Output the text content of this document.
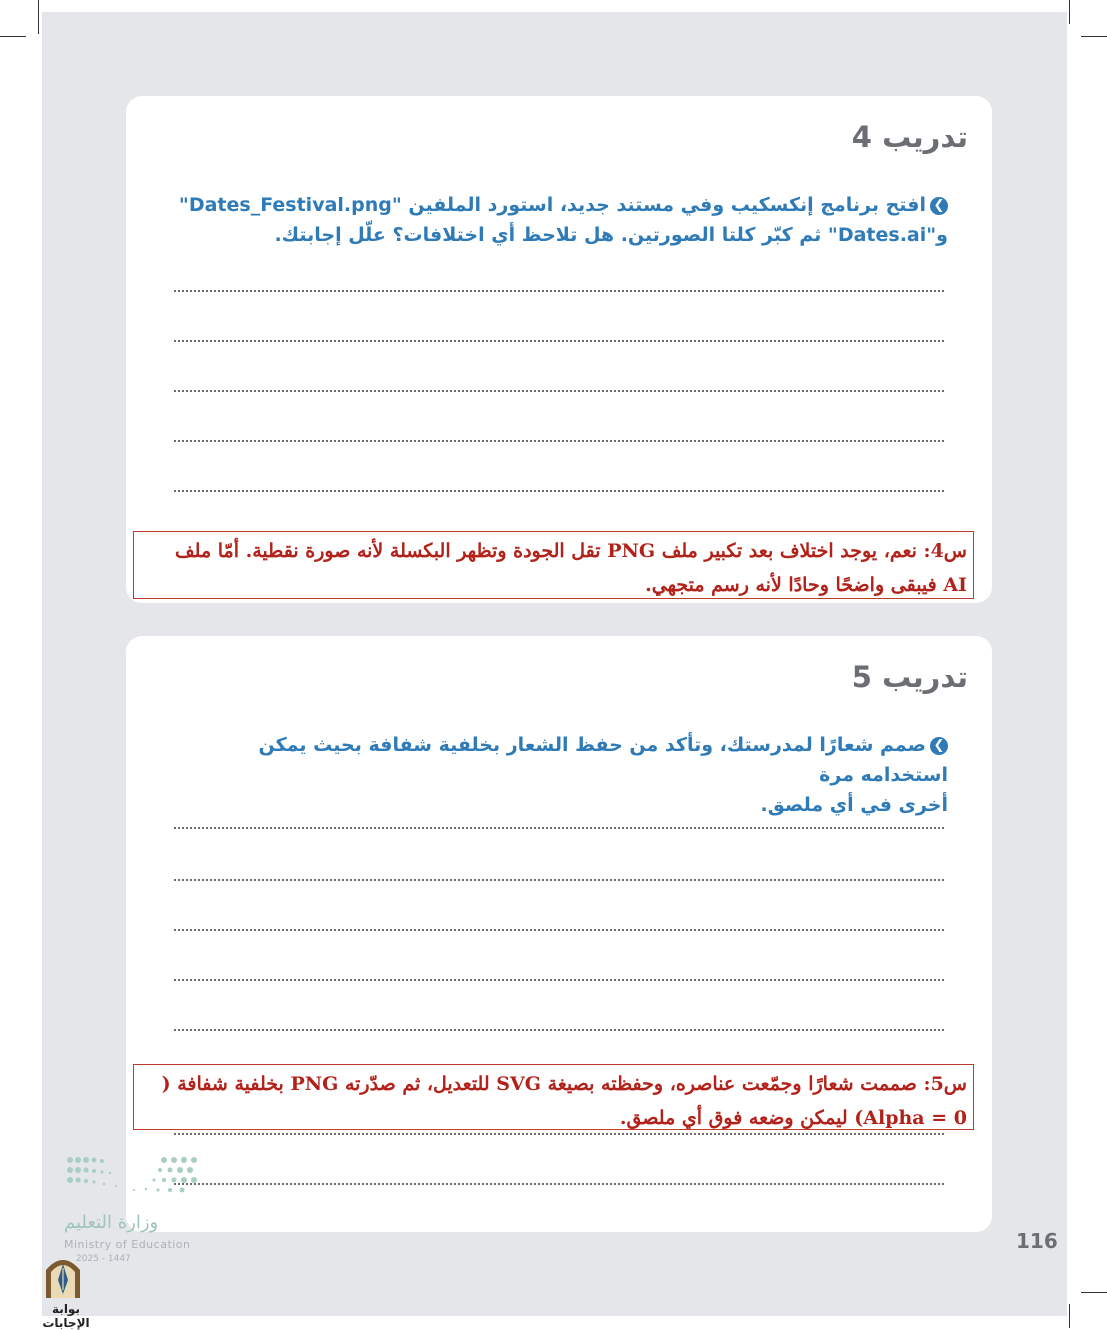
تدريب 4

❯افتح برنامج إنكسكيب وفي مستند جديد، استورد الملفين "Dates_Festival.png"
و"Dates.ai" ثم كبّر كلتا الصورتين. هل تلاحظ أي اختلافات؟ علّل إجابتك.

س4: نعم، يوجد اختلاف بعد تكبير ملف PNG تقل الجودة وتظهر البكسلة لأنه صورة نقطية. أمّا ملف
AI فيبقى واضحًا وحادًا لأنه رسم متجهي.

تدريب 5

❯صمم شعارًا لمدرستك، وتأكد من حفظ الشعار بخلفية شفافة بحيث يمكن استخدامه مرة
أخرى في أي ملصق.

س5: صممت شعارًا وجمّعت عناصره، وحفظته بصيغة SVG للتعديل، ثم صدّرته PNG بخلفية شفافة (
Alpha = 0) ليمكن وضعه فوق أي ملصق.

116

وزارة التعليم

Ministry of Education

2025 - 1447

بوابة الإجابات
